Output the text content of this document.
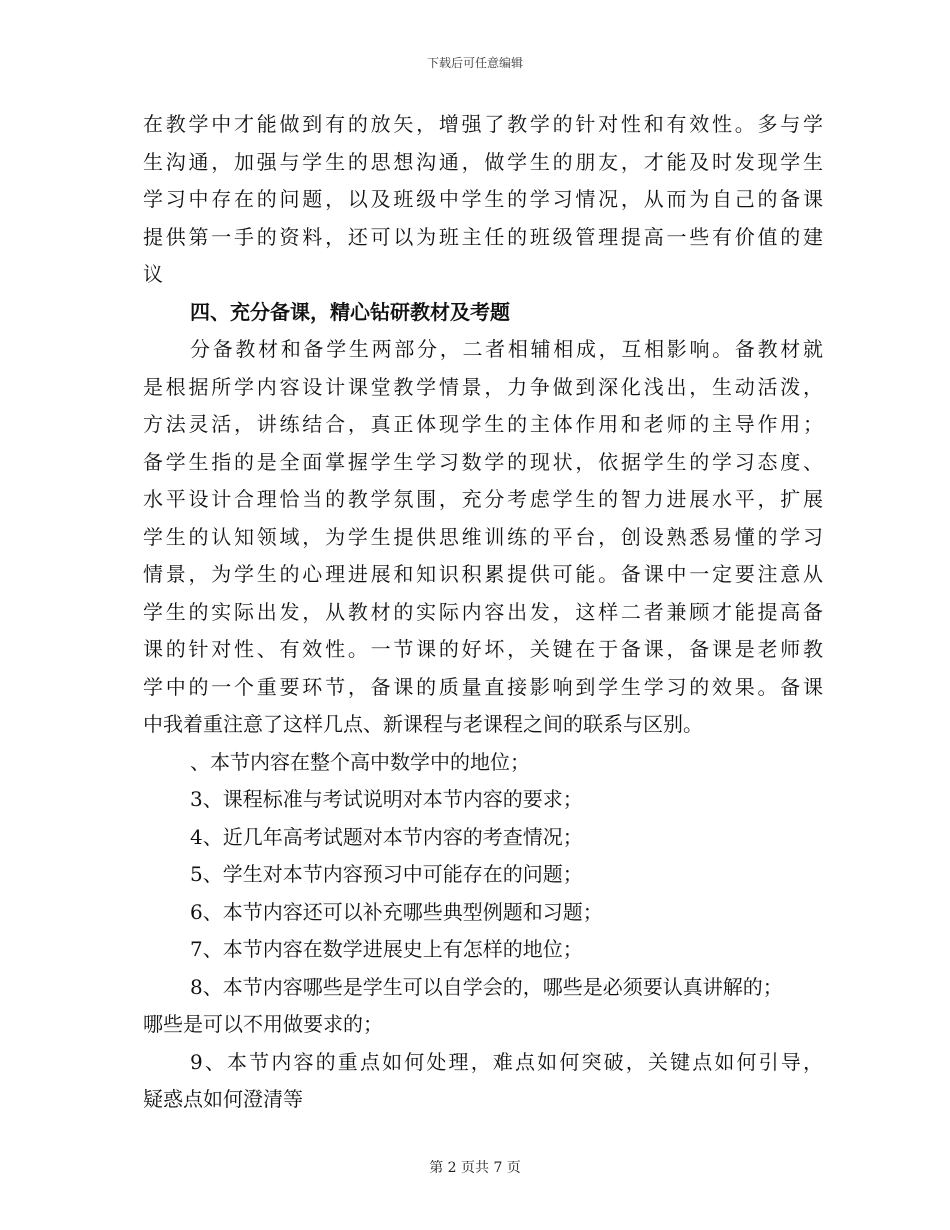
下载后可任意编辑
在教学中才能做到有的放矢，增强了教学的针对性和有效性。多与学
生沟通，加强与学生的思想沟通，做学生的朋友，才能及时发现学生
学习中存在的问题，以及班级中学生的学习情况，从而为自己的备课
提供第一手的资料，还可以为班主任的班级管理提高一些有价值的建
议
四、充分备课，精心钻研教材及考题
分备教材和备学生两部分，二者相辅相成，互相影响。备教材就
是根据所学内容设计课堂教学情景，力争做到深化浅出，生动活泼，
方法灵活，讲练结合，真正体现学生的主体作用和老师的主导作用；
备学生指的是全面掌握学生学习数学的现状，依据学生的学习态度、
水平设计合理恰当的教学氛围，充分考虑学生的智力进展水平，扩展
学生的认知领域，为学生提供思维训练的平台，创设熟悉易懂的学习
情景，为学生的心理进展和知识积累提供可能。备课中一定要注意从
学生的实际出发，从教材的实际内容出发，这样二者兼顾才能提高备
课的针对性、有效性。一节课的好坏，关键在于备课，备课是老师教
学中的一个重要环节，备课的质量直接影响到学生学习的效果。备课
中我着重注意了这样几点、新课程与老课程之间的联系与区别。
、本节内容在整个高中数学中的地位；
3、课程标准与考试说明对本节内容的要求；
4、近几年高考试题对本节内容的考查情况；
5、学生对本节内容预习中可能存在的问题；
6、本节内容还可以补充哪些典型例题和习题；
7、本节内容在数学进展史上有怎样的地位；
8、本节内容哪些是学生可以自学会的，哪些是必须要认真讲解的；
哪些是可以不用做要求的；
9、本节内容的重点如何处理，难点如何突破，关键点如何引导，
疑惑点如何澄清等
第 2 页共 7 页
